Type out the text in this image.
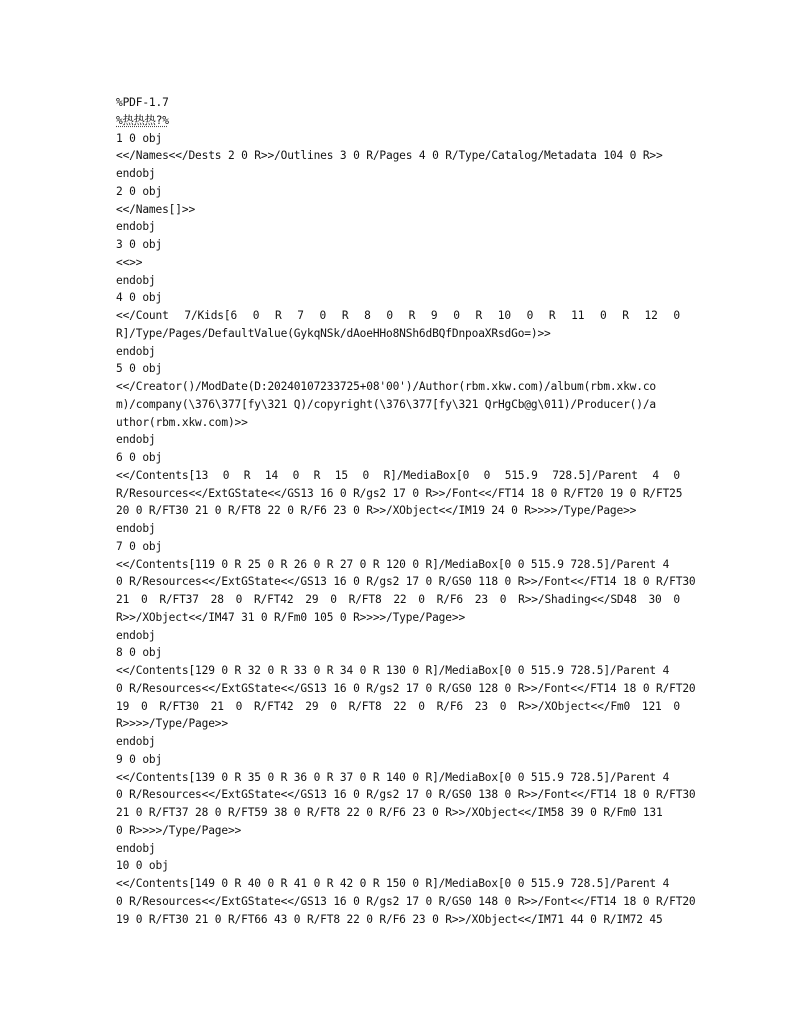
%PDF-1.7
%热热热?%
1 0 obj
<</Names<</Dests 2 0 R>>/Outlines 3 0 R/Pages 4 0 R/Type/Catalog/Metadata 104 0 R>>
endobj
2 0 obj
<</Names[]>>
endobj
3 0 obj
<<>>
endobj
4 0 obj
<</Count 7/Kids[6 0 R 7 0 R 8 0 R 9 0 R 10 0 R 11 0 R 12 0
R]/Type/Pages/DefaultValue(GykqNSk/dAoeHHo8NSh6dBQfDnpoaXRsdGo=)>>
endobj
5 0 obj
<</Creator()/ModDate(D:20240107233725+08'00')/Author(rbm.xkw.com)/album(rbm.xkw.co
m)/company(\376\377[fy\321 Q)/copyright(\376\377[fy\321 QrHgCb@g\011)/Producer()/a
uthor(rbm.xkw.com)>>
endobj
6 0 obj
<</Contents[13 0 R 14 0 R 15 0 R]/MediaBox[0 0 515.9 728.5]/Parent 4 0
R/Resources<</ExtGState<</GS13 16 0 R/gs2 17 0 R>>/Font<</FT14 18 0 R/FT20 19 0 R/FT25
20 0 R/FT30 21 0 R/FT8 22 0 R/F6 23 0 R>>/XObject<</IM19 24 0 R>>>>/Type/Page>>
endobj
7 0 obj
<</Contents[119 0 R 25 0 R 26 0 R 27 0 R 120 0 R]/MediaBox[0 0 515.9 728.5]/Parent 4
0 R/Resources<</ExtGState<</GS13 16 0 R/gs2 17 0 R/GS0 118 0 R>>/Font<</FT14 18 0 R/FT30
21 0 R/FT37 28 0 R/FT42 29 0 R/FT8 22 0 R/F6 23 0 R>>/Shading<</SD48 30 0
R>>/XObject<</IM47 31 0 R/Fm0 105 0 R>>>>/Type/Page>>
endobj
8 0 obj
<</Contents[129 0 R 32 0 R 33 0 R 34 0 R 130 0 R]/MediaBox[0 0 515.9 728.5]/Parent 4
0 R/Resources<</ExtGState<</GS13 16 0 R/gs2 17 0 R/GS0 128 0 R>>/Font<</FT14 18 0 R/FT20
19 0 R/FT30 21 0 R/FT42 29 0 R/FT8 22 0 R/F6 23 0 R>>/XObject<</Fm0 121 0
R>>>>/Type/Page>>
endobj
9 0 obj
<</Contents[139 0 R 35 0 R 36 0 R 37 0 R 140 0 R]/MediaBox[0 0 515.9 728.5]/Parent 4
0 R/Resources<</ExtGState<</GS13 16 0 R/gs2 17 0 R/GS0 138 0 R>>/Font<</FT14 18 0 R/FT30
21 0 R/FT37 28 0 R/FT59 38 0 R/FT8 22 0 R/F6 23 0 R>>/XObject<</IM58 39 0 R/Fm0 131
0 R>>>>/Type/Page>>
endobj
10 0 obj
<</Contents[149 0 R 40 0 R 41 0 R 42 0 R 150 0 R]/MediaBox[0 0 515.9 728.5]/Parent 4
0 R/Resources<</ExtGState<</GS13 16 0 R/gs2 17 0 R/GS0 148 0 R>>/Font<</FT14 18 0 R/FT20
19 0 R/FT30 21 0 R/FT66 43 0 R/FT8 22 0 R/F6 23 0 R>>/XObject<</IM71 44 0 R/IM72 45
